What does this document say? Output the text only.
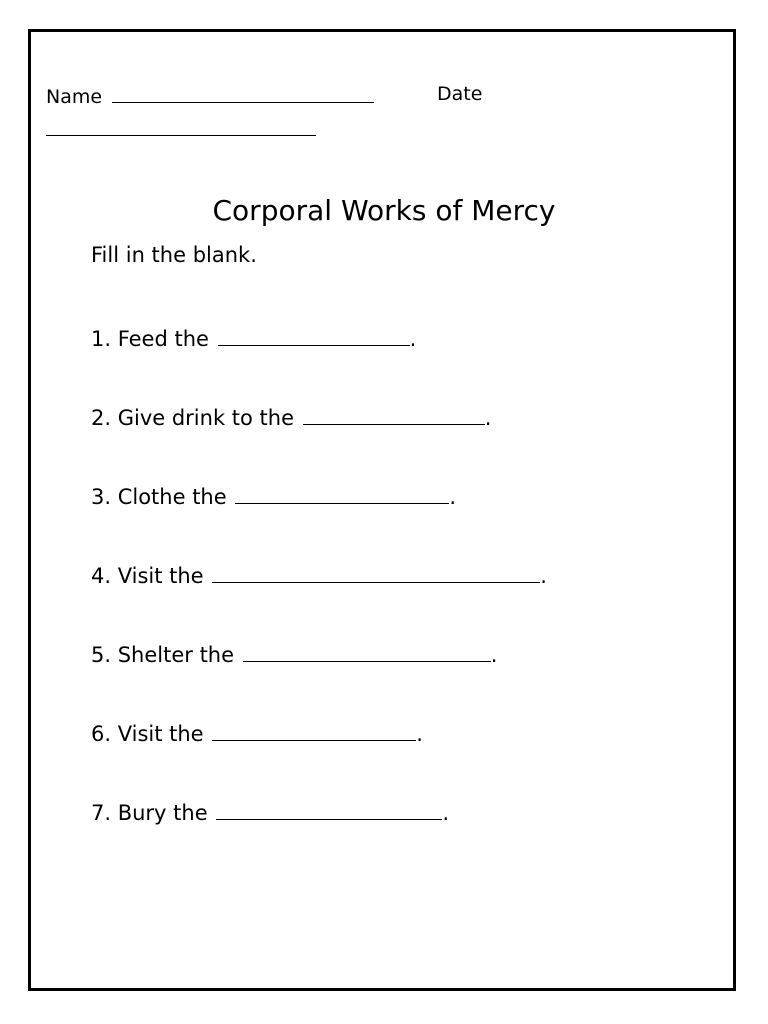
Name	Date
Corporal Works of Mercy
Fill in the blank.
1. Feed the	.
2. Give drink to the	.
3. Clothe the	.
4. Visit the	.
5. Shelter the	.
6. Visit the	.
7. Bury the	.
